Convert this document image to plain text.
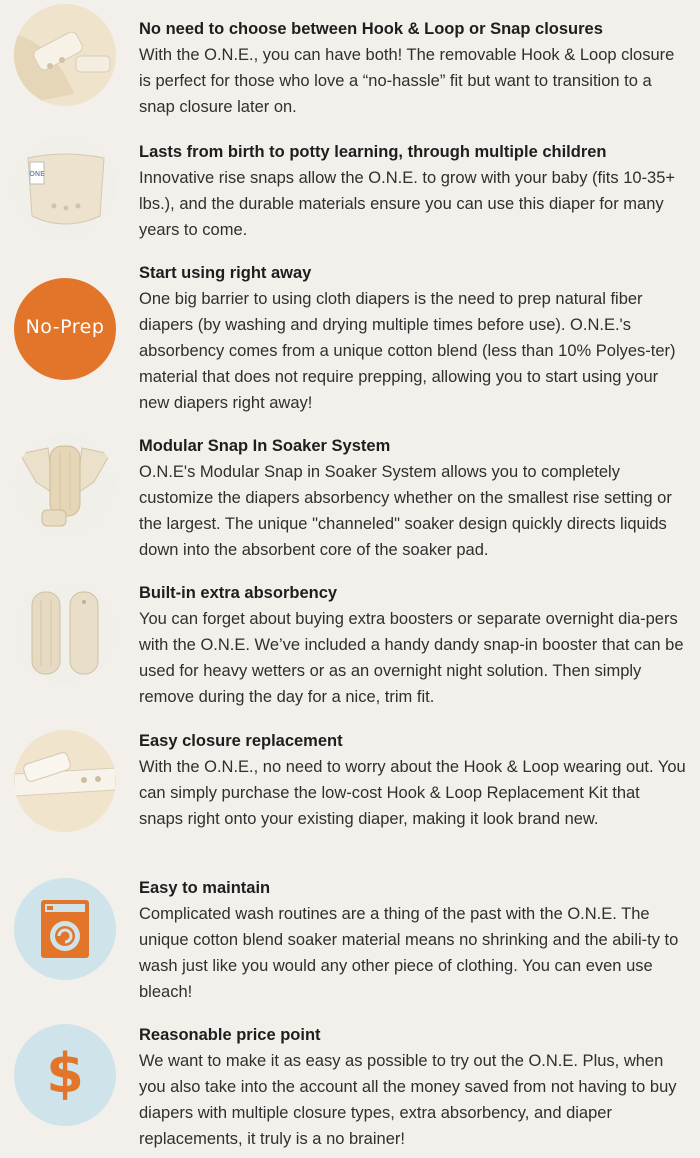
No need to choose between Hook & Loop or Snap closures

With the O.N.E., you can have both! The removable Hook & Loop closure is perfect for those who love a “no-hassle” fit but want to transition to a snap closure later on.

ONE

Lasts from birth to potty learning, through multiple children

Innovative rise snaps allow the O.N.E. to grow with your baby (fits 10-35+ lbs.), and the durable materials ensure you can use this diaper for many years to come.

No-Prep

Start using right away

One big barrier to using cloth diapers is the need to prep natural fiber diapers (by washing and drying multiple times before use). O.N.E.'s absorbency comes from a unique cotton blend (less than 10% Polyes-ter) material that does not require prepping, allowing you to start using your new diapers right away!

Modular Snap In Soaker System

O.N.E's Modular Snap in Soaker System allows you to completely customize the diapers absorbency whether on the smallest rise setting or the largest. The unique "channeled" soaker design quickly directs liquids down into the absorbent core of the soaker pad.

Built-in extra absorbency

You can forget about buying extra boosters or separate overnight dia-pers with the O.N.E. We’ve included a handy dandy snap-in booster that can be used for heavy wetters or as an overnight night solution. Then simply remove during the day for a nice, trim fit.

Easy closure replacement

With the O.N.E., no need to worry about the Hook & Loop wearing out. You can simply purchase the low-cost Hook & Loop Replacement Kit that snaps right onto your existing diaper, making it look brand new.

Easy to maintain

Complicated wash routines are a thing of the past with the O.N.E. The unique cotton blend soaker material means no shrinking and the abili-ty to wash just like you would any other piece of clothing. You can even use bleach!

$

Reasonable price point

We want to make it as easy as possible to try out the O.N.E. Plus, when you also take into the account all the money saved from not having to buy diapers with multiple closure types, extra absorbency, and diaper replacements, it truly is a no brainer!
